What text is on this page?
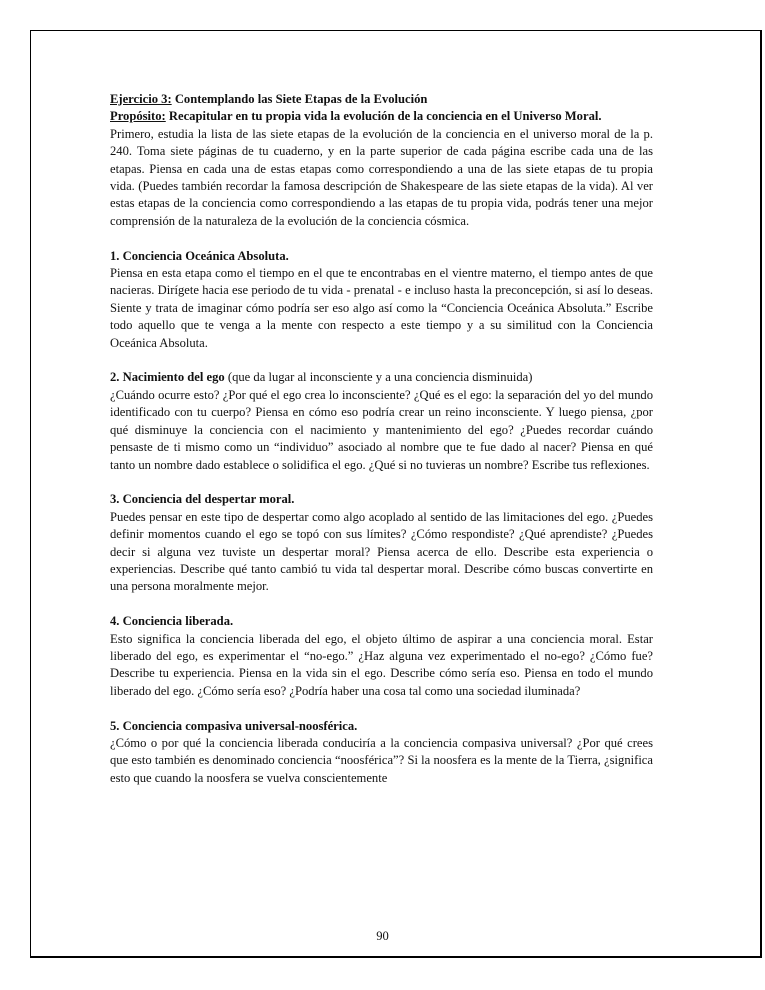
Ejercicio 3: Contemplando las Siete Etapas de la Evolución

Propósito: Recapitular en tu propia vida la evolución de la conciencia en el Universo Moral.

Primero, estudia la lista de las siete etapas de la evolución de la conciencia en el universo moral de la p. 240. Toma siete páginas de tu cuaderno, y en la parte superior de cada página escribe cada una de las etapas. Piensa en cada una de estas etapas como correspondiendo a una de las siete etapas de tu propia vida. (Puedes también recordar la famosa descripción de Shakespeare de las siete etapas de la vida). Al ver estas etapas de la conciencia como correspondiendo a las etapas de tu propia vida, podrás tener una mejor comprensión de la naturaleza de la evolución de la conciencia cósmica.

1. Conciencia Oceánica Absoluta.

Piensa en esta etapa como el tiempo en el que te encontrabas en el vientre materno, el tiempo antes de que nacieras. Dirígete hacia ese periodo de tu vida - prenatal - e incluso hasta la preconcepción, si así lo deseas. Siente y trata de imaginar cómo podría ser eso algo así como la “Conciencia Oceánica Absoluta.” Escribe todo aquello que te venga a la mente con respecto a este tiempo y a su similitud con la Conciencia Oceánica Absoluta.

2. Nacimiento del ego (que da lugar al inconsciente y a una conciencia disminuida)

¿Cuándo ocurre esto? ¿Por qué el ego crea lo inconsciente? ¿Qué es el ego: la separación del yo del mundo identificado con tu cuerpo? Piensa en cómo eso podría crear un reino inconsciente. Y luego piensa, ¿por qué disminuye la conciencia con el nacimiento y mantenimiento del ego? ¿Puedes recordar cuándo pensaste de ti mismo como un “individuo” asociado al nombre que te fue dado al nacer? Piensa en qué tanto un nombre dado establece o solidifica el ego. ¿Qué si no tuvieras un nombre? Escribe tus reflexiones.

3. Conciencia del despertar moral.

Puedes pensar en este tipo de despertar como algo acoplado al sentido de las limitaciones del ego. ¿Puedes definir momentos cuando el ego se topó con sus límites? ¿Cómo respondiste? ¿Qué aprendiste? ¿Puedes decir si alguna vez tuviste un despertar moral? Piensa acerca de ello. Describe esta experiencia o experiencias. Describe qué tanto cambió tu vida tal despertar moral. Describe cómo buscas convertirte en una persona moralmente mejor.

4. Conciencia liberada.

Esto significa la conciencia liberada del ego, el objeto último de aspirar a una conciencia moral. Estar liberado del ego, es experimentar el “no-ego.” ¿Haz alguna vez experimentado el no-ego? ¿Cómo fue? Describe tu experiencia. Piensa en la vida sin el ego. Describe cómo sería eso. Piensa en todo el mundo liberado del ego. ¿Cómo sería eso? ¿Podría haber una cosa tal como una sociedad iluminada?

5. Conciencia compasiva universal-noosférica.

¿Cómo o por qué la conciencia liberada conduciría a la conciencia compasiva universal? ¿Por qué crees que esto también es denominado conciencia “noosférica”? Si la noosfera es la mente de la Tierra, ¿significa esto que cuando la noosfera se vuelva conscientemente

90
